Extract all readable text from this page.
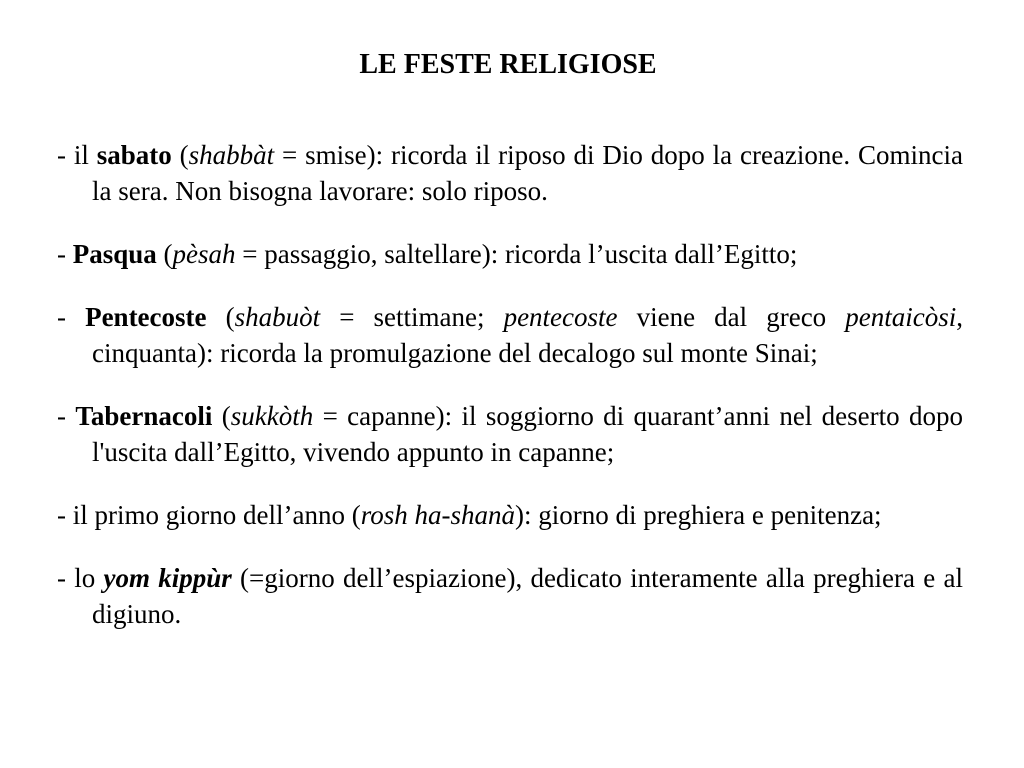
LE FESTE RELIGIOSE

- il sabato (shabbàt = smise): ricorda il riposo di Dio dopo la creazione. Comincia la sera. Non bisogna lavorare: solo riposo.

- Pasqua (pèsah = passaggio, saltellare): ricorda l’uscita dall’Egitto;

- Pentecoste (shabuòt = settimane; pentecoste viene dal greco pentaicòsi, cinquanta): ricorda la promulgazione del decalogo sul monte Sinai;

- Tabernacoli (sukkòth = capanne): il soggiorno di quarant’anni nel deserto dopo l'uscita dall’Egitto, vivendo appunto in capanne;

- il primo giorno dell’anno (rosh ha-shanà): giorno di preghiera e penitenza;

- lo yom kippùr (=giorno dell’espiazione), dedicato interamente alla preghiera e al digiuno.
